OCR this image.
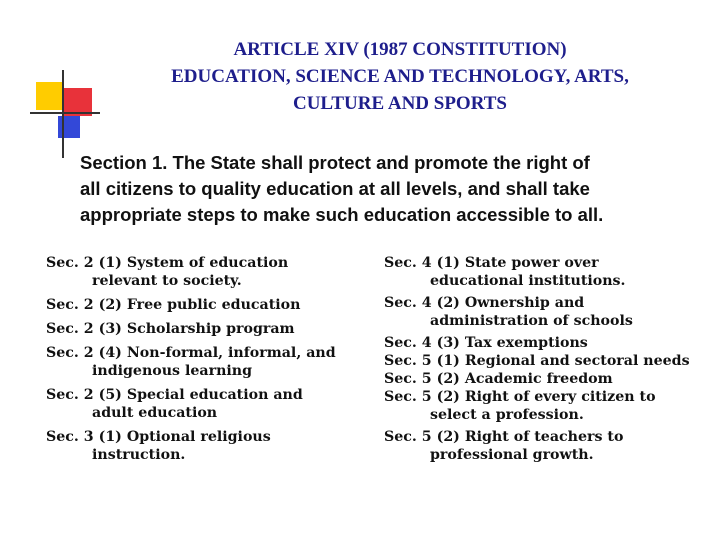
ARTICLE XIV (1987 CONSTITUTION)
EDUCATION, SCIENCE AND TECHNOLOGY, ARTS,
CULTURE AND SPORTS
Section 1. The State shall protect and promote the right of
all citizens to quality education at all levels, and shall take
appropriate steps to make such education accessible to all.
Sec. 2 (1) System of education
relevant to society.
Sec. 2 (2) Free public education
Sec. 2 (3) Scholarship program
Sec. 2 (4) Non-formal, informal, and
indigenous learning
Sec. 2 (5) Special education and
adult education
Sec. 3 (1) Optional religious
instruction.
Sec. 4 (1) State power over
educational institutions.
Sec. 4 (2) Ownership and
administration of schools
Sec. 4 (3) Tax exemptions
Sec. 5 (1) Regional and sectoral needs
Sec. 5 (2) Academic freedom
Sec. 5 (2) Right of every citizen to
select a profession.
Sec. 5 (2) Right of teachers to
professional growth.
